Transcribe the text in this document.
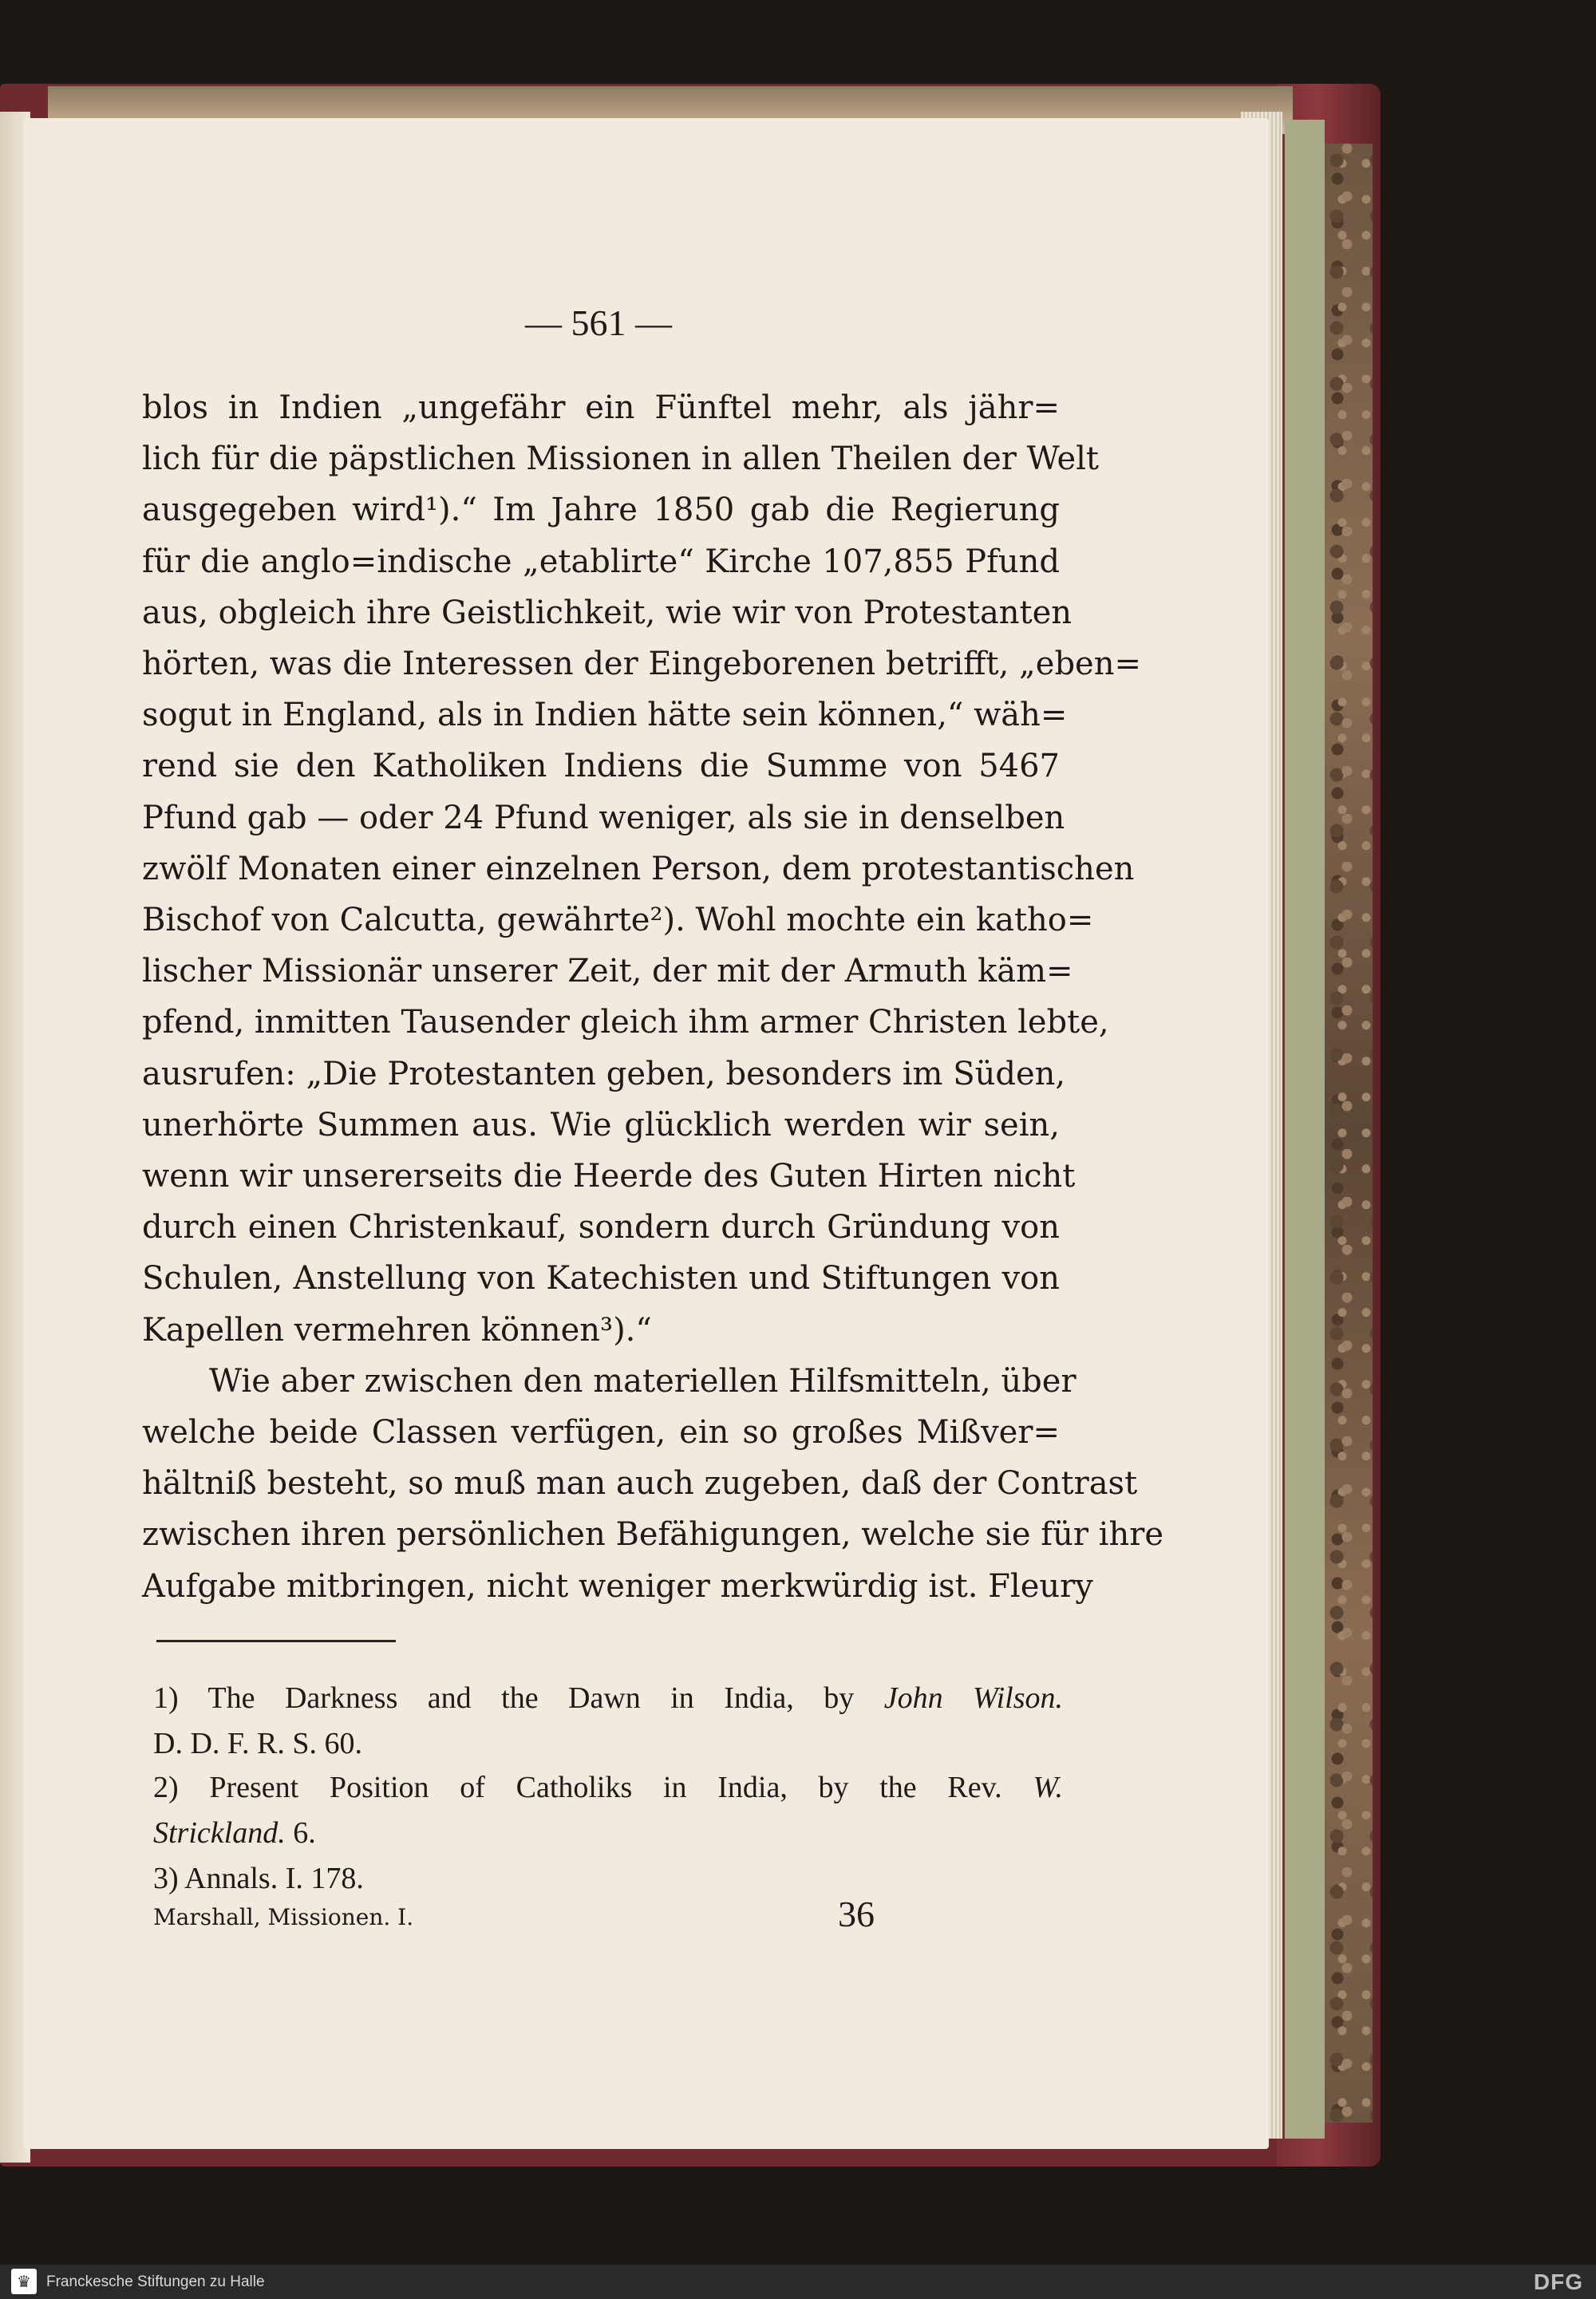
— 561 —
blos in Indien „ungefähr ein Fünftel mehr, als jähr=
lich für die päpstlichen Missionen in allen Theilen der Welt
ausgegeben wird¹).“ Im Jahre 1850 gab die Regierung
für die anglo=indische „etablirte“ Kirche 107,855 Pfund
aus, obgleich ihre Geistlichkeit, wie wir von Protestanten
hörten, was die Interessen der Eingeborenen betrifft, „eben=
sogut in England, als in Indien hätte sein können,“ wäh=
rend sie den Katholiken Indiens die Summe von 5467
Pfund gab — oder 24 Pfund weniger, als sie in denselben
zwölf Monaten einer einzelnen Person, dem protestantischen
Bischof von Calcutta, gewährte²). Wohl mochte ein katho=
lischer Missionär unserer Zeit, der mit der Armuth käm=
pfend, inmitten Tausender gleich ihm armer Christen lebte,
ausrufen: „Die Protestanten geben, besonders im Süden,
unerhörte Summen aus. Wie glücklich werden wir sein,
wenn wir unsererseits die Heerde des Guten Hirten nicht
durch einen Christenkauf, sondern durch Gründung von
Schulen, Anstellung von Katechisten und Stiftungen von
Kapellen vermehren können³).“
Wie aber zwischen den materiellen Hilfsmitteln, über
welche beide Classen verfügen, ein so großes Mißver=
hältniß besteht, so muß man auch zugeben, daß der Contrast
zwischen ihren persönlichen Befähigungen, welche sie für ihre
Aufgabe mitbringen, nicht weniger merkwürdig ist. Fleury
1) The Darkness and the Dawn in India, by John Wilson.
D. D. F. R. S. 60.
2) Present Position of Catholiks in India, by the Rev. W.
Strickland. 6.
3) Annals. I. 178.
Marshall, Missionen. I.	36
♛	Franckesche Stiftungen zu Halle	DFG
